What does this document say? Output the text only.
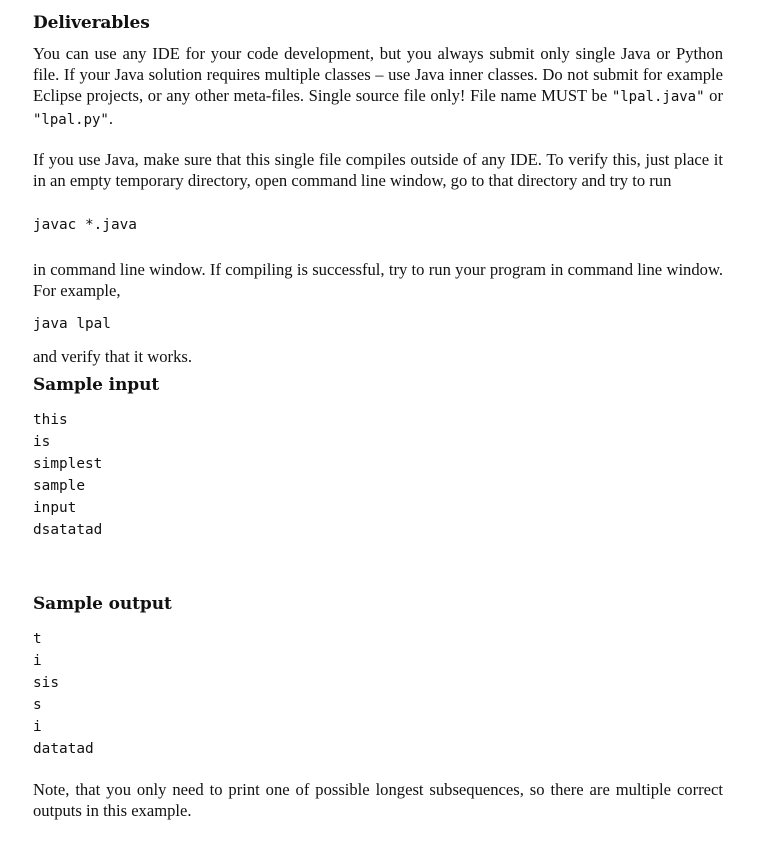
Deliverables

You can use any IDE for your code development, but you always submit only single Java or Python file. If your Java solution requires multiple classes – use Java inner classes. Do not submit for example Eclipse projects, or any other meta-files. Single source file only! File name MUST be "lpal.java" or "lpal.py".

If you use Java, make sure that this single file compiles outside of any IDE. To verify this, just place it in an empty temporary directory, open command line window, go to that directory and try to run

javac *.java

in command line window. If compiling is successful, try to run your program in command line window. For example,

java lpal

and verify that it works.

Sample input
this
is
simplest
sample
input
dsatatad
Sample output
t
i
sis
s
i
datatad

Note, that you only need to print one of possible longest subsequences, so there are multiple correct outputs in this example.
